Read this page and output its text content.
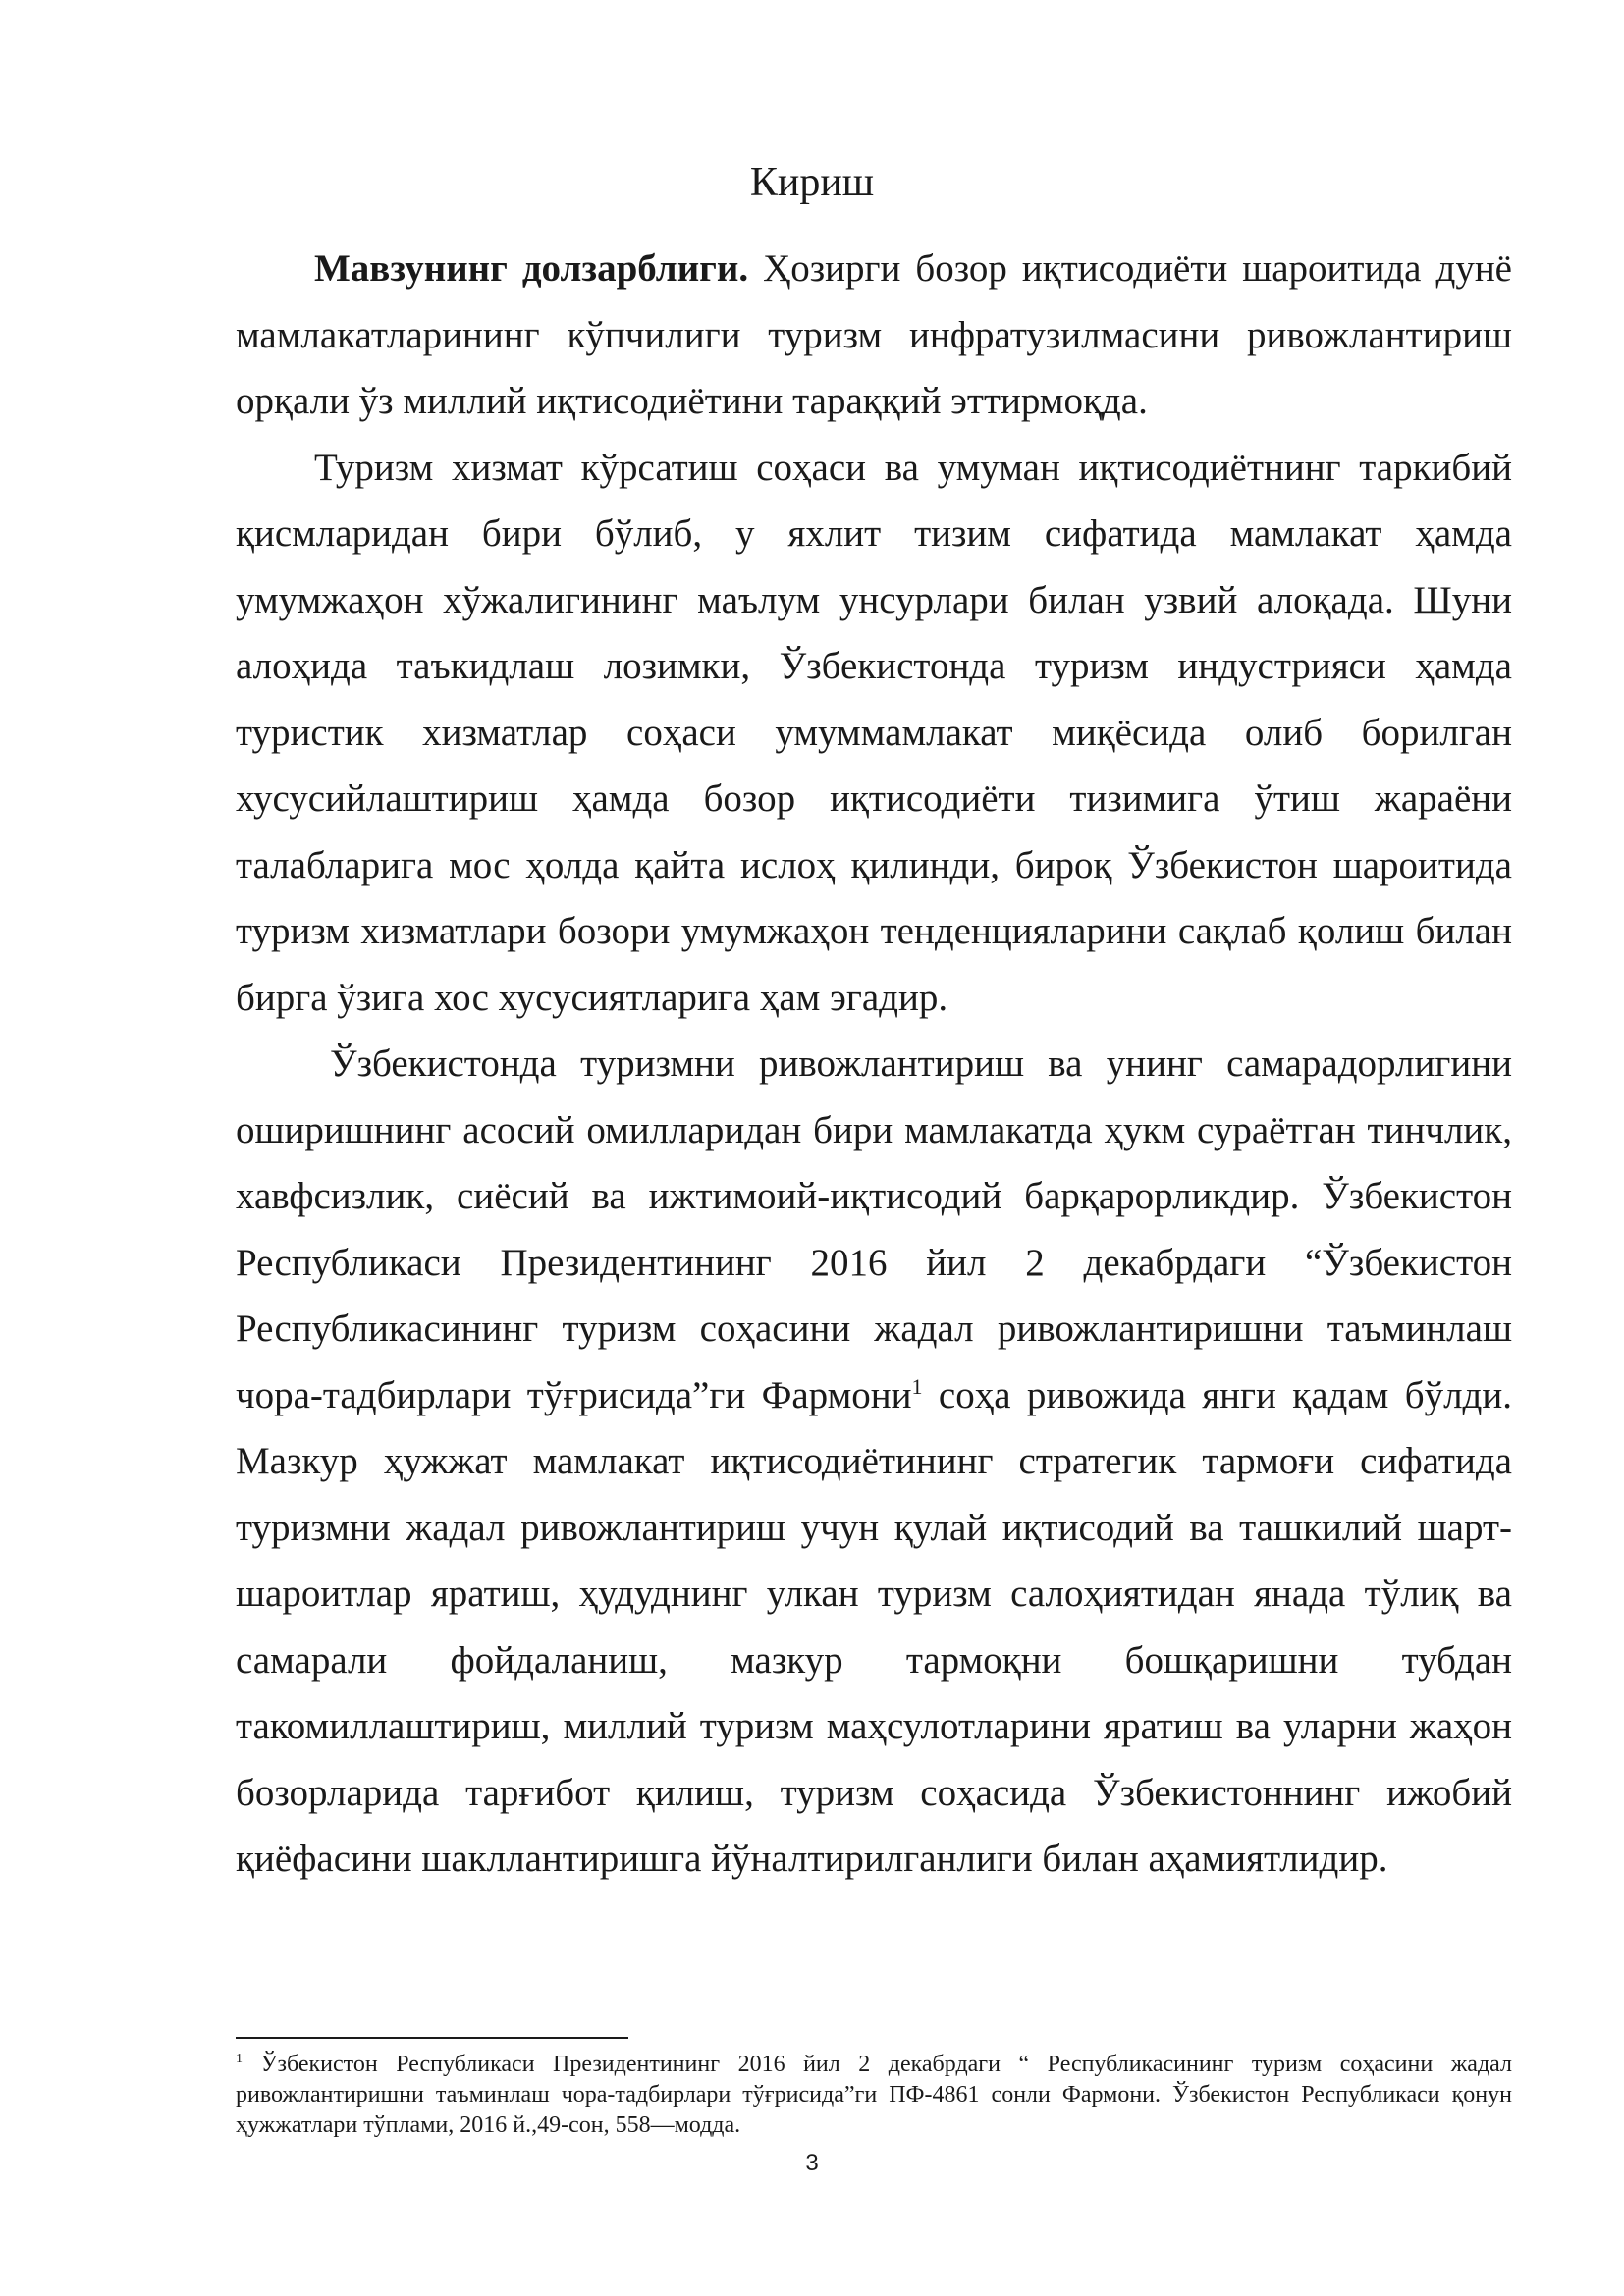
Кириш

Мавзунинг долзарблиги. Ҳозирги бозор иқтисодиёти шароитида дунё мамлакатларининг кўпчилиги туризм инфратузилмасини ривожлантириш орқали ўз миллий иқтисодиётини тараққий эттирмоқда.

Туризм хизмат кўрсатиш соҳаси ва умуман иқтисодиётнинг таркибий қисмларидан бири бўлиб, у яхлит тизим сифатида мамлакат ҳамда умумжаҳон хўжалигининг маълум унсурлари билан узвий алоқада. Шуни алоҳида таъкидлаш лозимки, Ўзбекистонда туризм индустрияси ҳамда туристик хизматлар соҳаси умуммамлакат миқёсида олиб борилган хусусийлаштириш ҳамда бозор иқтисодиёти тизимига ўтиш жараёни талабларига мос ҳолда қайта ислоҳ қилинди, бироқ Ўзбекистон шароитида туризм хизматлари бозори умумжаҳон тенденцияларини сақлаб қолиш билан бирга ўзига хос хусусиятларига ҳам эгадир.

Ўзбекистонда туризмни ривожлантириш ва унинг самарадорлигини оширишнинг асосий омилларидан бири мамлакатда ҳукм сураётган тинчлик, хавфсизлик, сиёсий ва ижтимоий-иқтисодий барқарорликдир. Ўзбекистон Республикаси Президентининг 2016 йил 2 декабрдаги “Ўзбекистон Республикасининг туризм соҳасини жадал ривожлантиришни таъминлаш чора-тадбирлари тўғрисида”ги Фармони$^1$ соҳа ривожида янги қадам бўлди. Мазкур ҳужжат мамлакат иқтисодиётининг стратегик тармоғи сифатида туризмни жадал ривожлантириш учун қулай иқтисодий ва ташкилий шарт-шароитлар яратиш, ҳудуднинг улкан туризм салоҳиятидан янада тўлиқ ва самарали фойдаланиш, мазкур тармоқни бошқаришни тубдан такомиллаштириш, миллий туризм маҳсулотларини яратиш ва уларни жаҳон бозорларида тарғибот қилиш, туризм соҳасида Ўзбекистоннинг ижобий қиёфасини шакллантиришга йўналтирилганлиги билан аҳамиятлидир.

$^1$ Ўзбекистон Республикаси Президентининг 2016 йил 2 декабрдаги “ Республикасининг туризм соҳасини жадал ривожлантиришни таъминлаш чора-тадбирлари тўғрисида”ги ПФ-4861 сонли Фармони. Ўзбекистон Республикаси қонун ҳужжатлари тўплами, 2016 й.,49-сон, 558—модда.
3
